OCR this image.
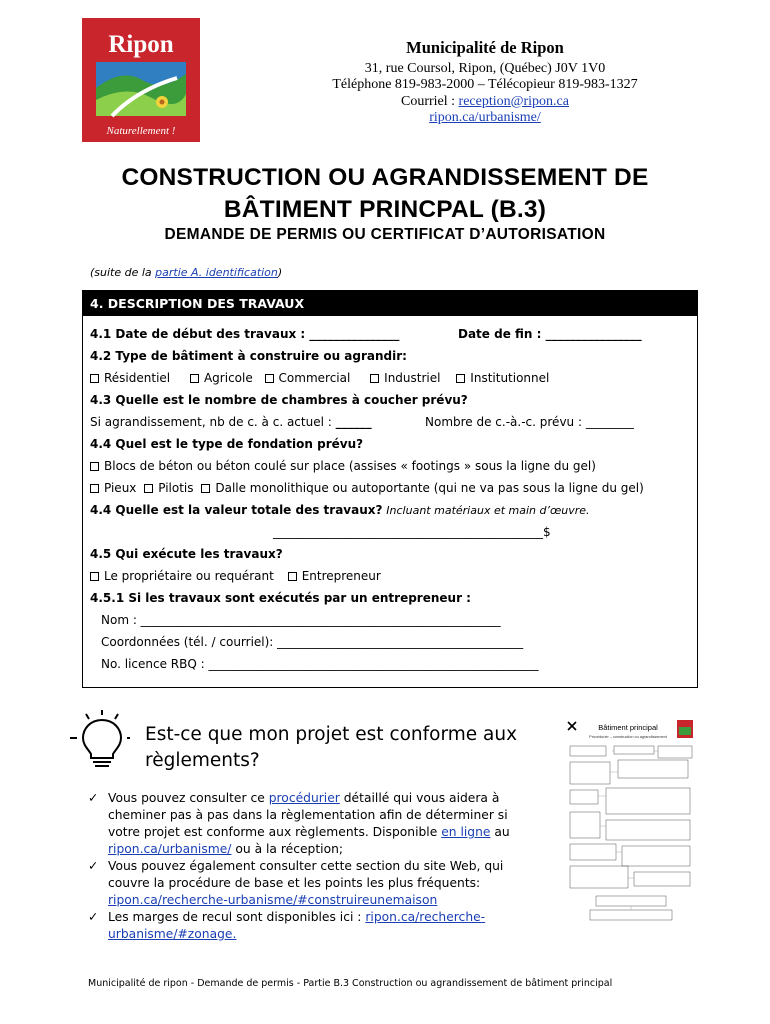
Ripon
Naturellement !
Municipalité de Ripon
31, rue Coursol, Ripon, (Québec) J0V 1V0
Téléphone 819-983-2000 – Télécopieur 819-983-1327
Courriel : reception@ripon.ca
ripon.ca/urbanisme/
CONSTRUCTION OU AGRANDISSEMENT DE
BÂTIMENT PRINCPAL (B.3)
DEMANDE DE PERMIS OU CERTIFICAT D’AUTORISATION
(suite de la partie A. identification)
4. DESCRIPTION DES TRAVAUX
4.1 Date de début des travaux : _______________	Date de fin : ________________
4.2 Type de bâtiment à construire ou agrandir:
Résidentiel	Agricole Commercial	Industriel Institutionnel
4.3 Quelle est le nombre de chambres à coucher prévu?
Si agrandissement, nb de c. à c. actuel : ______	Nombre de c.-à.-c. prévu : ________
4.4 Quel est le type de fondation prévu?
Blocs de béton ou béton coulé sur place (assises « footings » sous la ligne du gel)
Pieux Pilotis Dalle monolithique ou autoportante (qui ne va pas sous la ligne du gel)
4.4 Quelle est la valeur totale des travaux? Incluant matériaux et main d’œuvre.
_____________________________________________$
4.5 Qui exécute les travaux?
Le propriétaire ou requérant Entrepreneur
4.5.1 Si les travaux sont exécutés par un entrepreneur :
Nom : ____________________________________________________________
Coordonnées (tél. / courriel): _________________________________________
No. licence RBQ : _______________________________________________________
Est-ce que mon projet est conforme aux règlements?
✓ Vous pouvez consulter ce procédurier détaillé qui vous aidera à cheminer pas à pas dans la règlementation afin de déterminer si votre projet est conforme aux règlements. Disponible en ligne au ripon.ca/urbanisme/ ou à la réception;
✓ Vous pouvez également consulter cette section du site Web, qui couvre la procédure de base et les points les plus fréquents: ripon.ca/recherche-urbanisme/#construireunemaison
✓ Les marges de recul sont disponibles ici : ripon.ca/recherche-urbanisme/#zonage.
Bâtiment principal
Procédurier – construction ou agrandissement
Municipalité de ripon - Demande de permis - Partie B.3 Construction ou agrandissement de bâtiment principal
